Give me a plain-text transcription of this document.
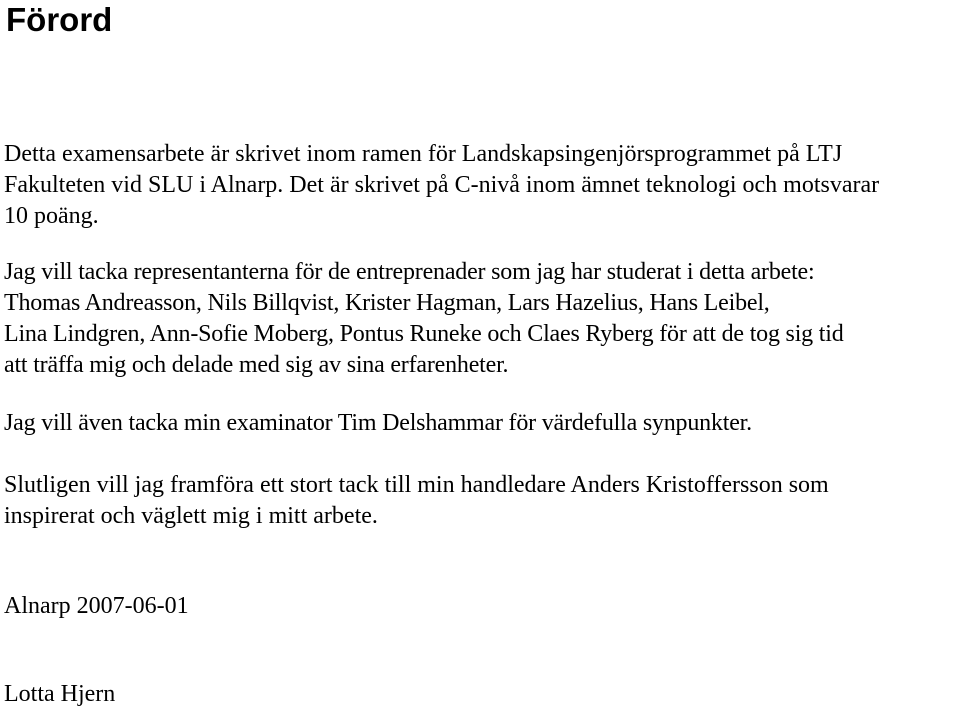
Förord

Detta examensarbete är skrivet inom ramen för Landskapsingenjörsprogrammet på LTJ
Fakulteten vid SLU i Alnarp. Det är skrivet på C-nivå inom ämnet teknologi och motsvarar
10 poäng.

Jag vill tacka representanterna för de entreprenader som jag har studerat i detta arbete:
Thomas Andreasson, Nils Billqvist, Krister Hagman, Lars Hazelius, Hans Leibel,
Lina Lindgren, Ann-Sofie Moberg, Pontus Runeke och Claes Ryberg för att de tog sig tid
att träffa mig och delade med sig av sina erfarenheter.

Jag vill även tacka min examinator Tim Delshammar för värdefulla synpunkter.

Slutligen vill jag framföra ett stort tack till min handledare Anders Kristoffersson som
inspirerat och väglett mig i mitt arbete.

Alnarp 2007-06-01

Lotta Hjern
